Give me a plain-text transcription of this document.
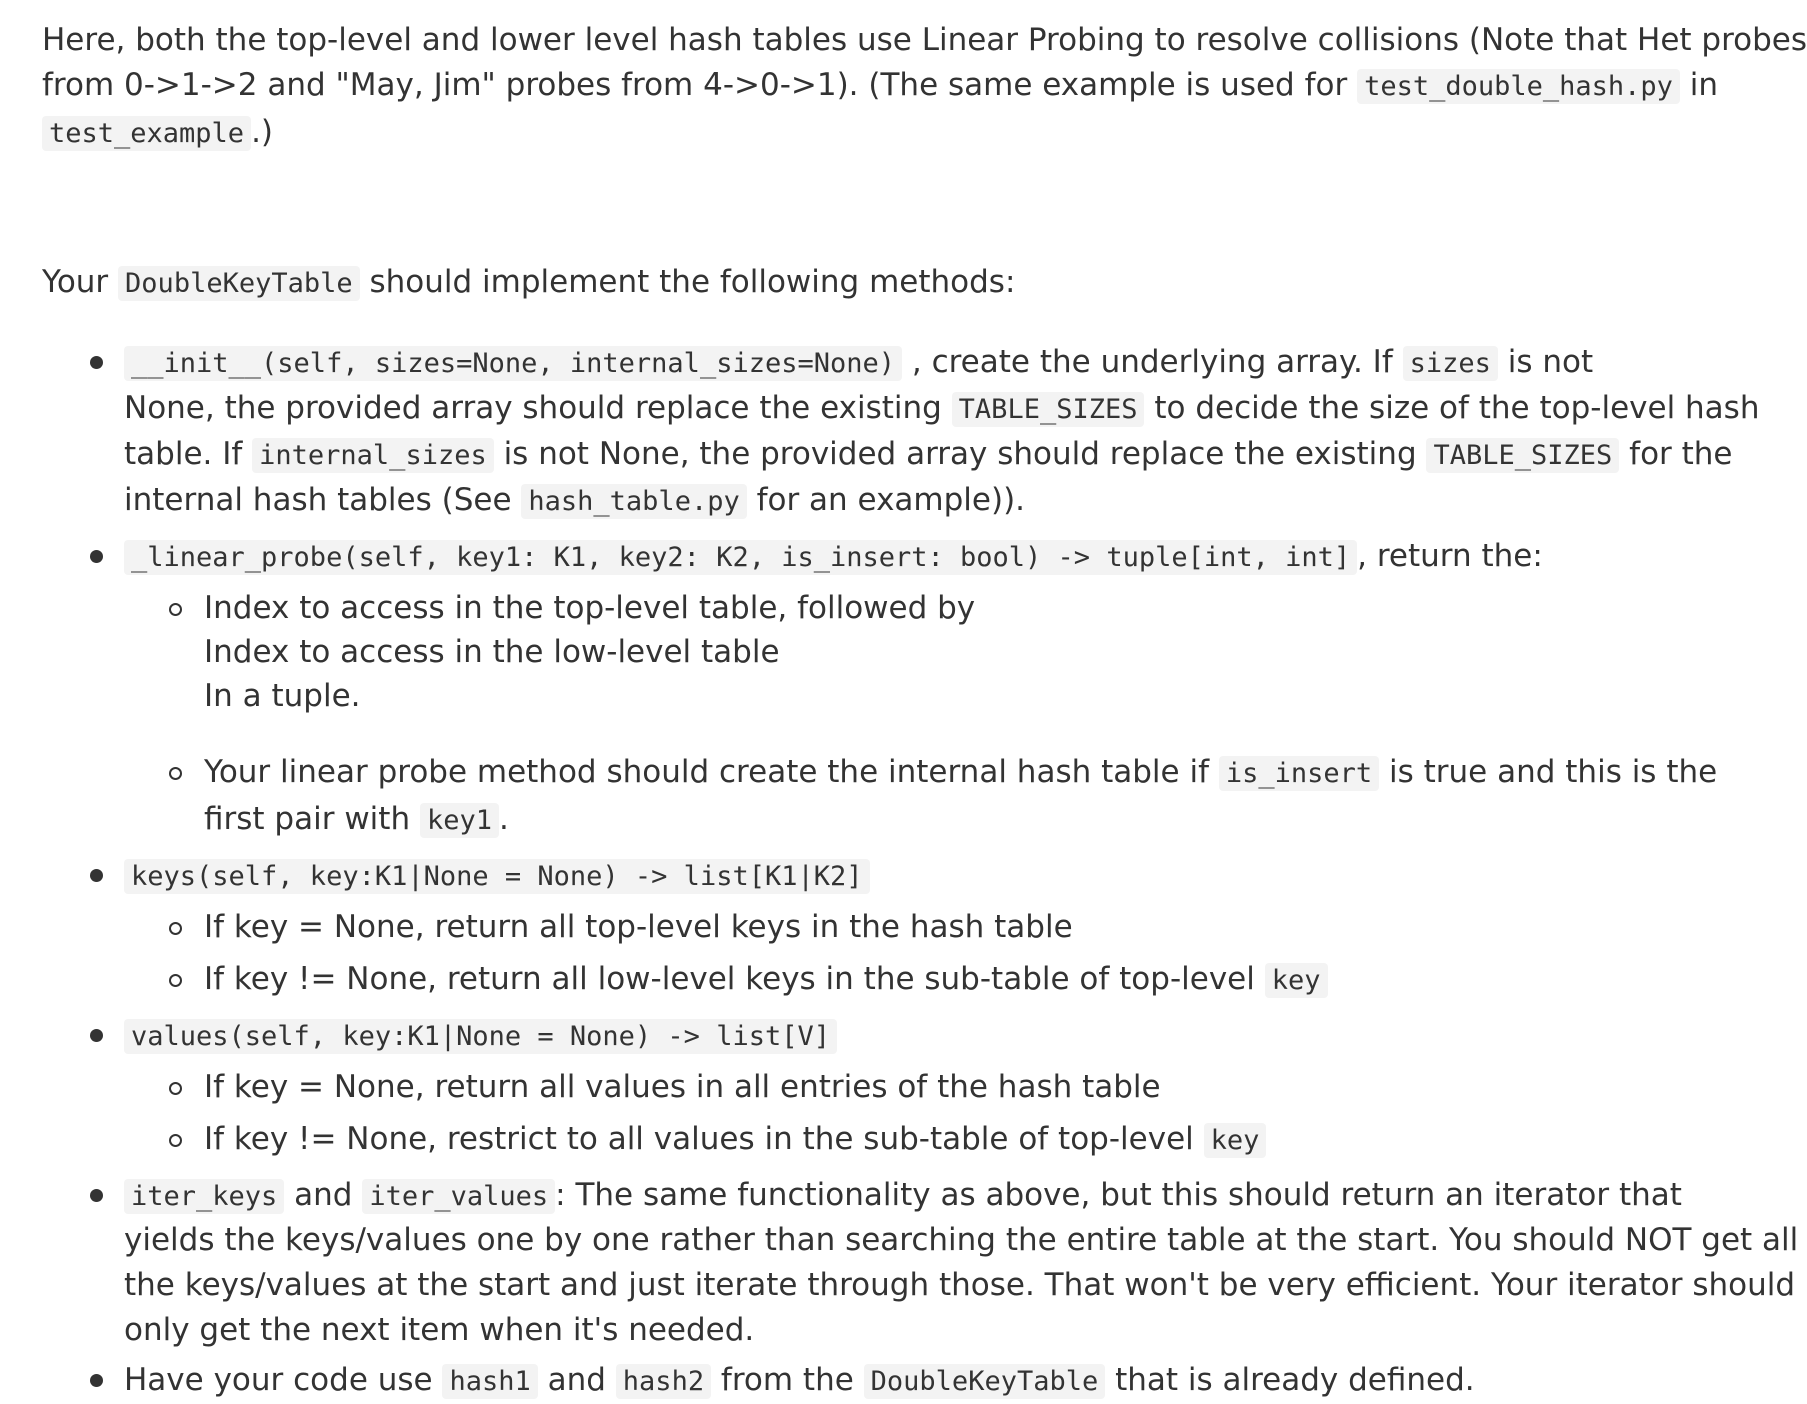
Here, both the top-level and lower level hash tables use Linear Probing to resolve collisions (Note that Het probes
from 0->1->2 and "May, Jim" probes from 4->0->1). (The same example is used for test_double_hash.py in
test_example .)
Your DoubleKeyTable should implement the following methods:
__init__(self, sizes=None, internal_sizes=None) , create the underlying array. If sizes is not
None, the provided array should replace the existing TABLE_SIZES to decide the size of the top-level hash
table. If internal_sizes is not None, the provided array should replace the existing TABLE_SIZES for the
internal hash tables (See hash_table.py for an example)).
_linear_probe(self, key1: K1, key2: K2, is_insert: bool) -> tuple[int, int] , return the:
Index to access in the top-level table, followed by
Index to access in the low-level table
In a tuple.
Your linear probe method should create the internal hash table if is_insert is true and this is the
first pair with key1 .
keys(self, key:K1|None = None) -> list[K1|K2]
If key = None, return all top-level keys in the hash table
If key != None, return all low-level keys in the sub-table of top-level key
values(self, key:K1|None = None) -> list[V]
If key = None, return all values in all entries of the hash table
If key != None, restrict to all values in the sub-table of top-level key
iter_keys and iter_values : The same functionality as above, but this should return an iterator that
yields the keys/values one by one rather than searching the entire table at the start. You should NOT get all
the keys/values at the start and just iterate through those. That won't be very efficient. Your iterator should
only get the next item when it's needed.
Have your code use hash1 and hash2 from the DoubleKeyTable that is already defined.
